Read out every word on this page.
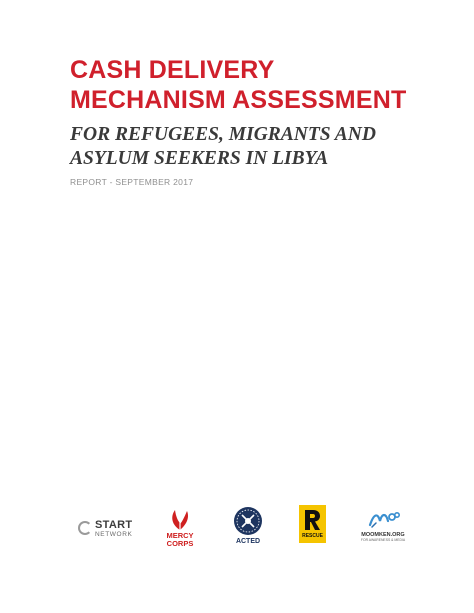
CASH DELIVERY
MECHANISM ASSESSMENT
FOR REFUGEES, MIGRANTS AND
ASYLUM SEEKERS IN LIBYA
REPORT - SEPTEMBER 2017
START
NETWORK	MERCY
CORPS	ACTED
RESCUE	MOOMKEN.ORG
FOR AWARENESS & MEDIA
